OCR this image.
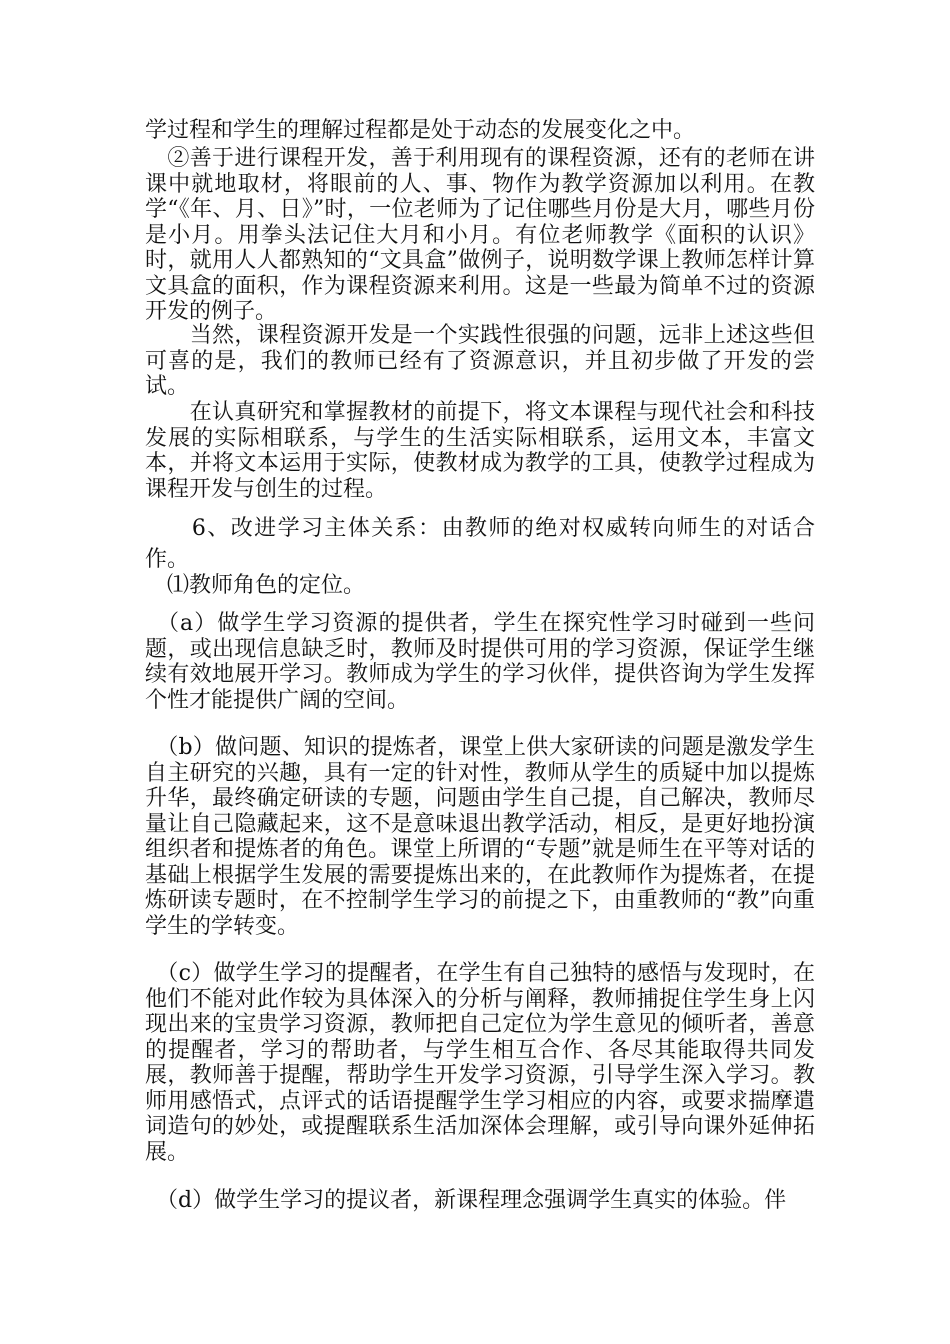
学过程和学生的理解过程都是处于动态的发展变化之中。
　②善于进行课程开发，善于利用现有的课程资源，还有的老师在讲课中就地取材，将眼前的人、事、物作为教学资源加以利用。在教学“《年、月、日》”时，一位老师为了记住哪些月份是大月，哪些月份是小月。用拳头法记住大月和小月。有位老师教学《面积的认识》时，就用人人都熟知的“文具盒”做例子，说明数学课上教师怎样计算文具盒的面积，作为课程资源来利用。这是一些最为简单不过的资源开发的例子。
　　当然，课程资源开发是一个实践性很强的问题，远非上述这些但可喜的是，我们的教师已经有了资源意识，并且初步做了开发的尝试。
　　在认真研究和掌握教材的前提下，将文本课程与现代社会和科技发展的实际相联系，与学生的生活实际相联系，运用文本，丰富文本，并将文本运用于实际，使教材成为教学的工具，使教学过程成为课程开发与创生的过程。
　　6、改进学习主体关系：由教师的绝对权威转向师生的对话合作。
　⑴教师角色的定位。
　（a）做学生学习资源的提供者，学生在探究性学习时碰到一些问题，或出现信息缺乏时，教师及时提供可用的学习资源，保证学生继续有效地展开学习。教师成为学生的学习伙伴，提供咨询为学生发挥个性才能提供广阔的空间。
　（b）做问题、知识的提炼者，课堂上供大家研读的问题是激发学生自主研究的兴趣，具有一定的针对性，教师从学生的质疑中加以提炼升华，最终确定研读的专题，问题由学生自己提，自己解决，教师尽量让自己隐藏起来，这不是意味退出教学活动，相反，是更好地扮演组织者和提炼者的角色。课堂上所谓的“专题”就是师生在平等对话的基础上根据学生发展的需要提炼出来的，在此教师作为提炼者，在提炼研读专题时，在不控制学生学习的前提之下，由重教师的“教”向重学生的学转变。
　（c）做学生学习的提醒者，在学生有自己独特的感悟与发现时，在他们不能对此作较为具体深入的分析与阐释，教师捕捉住学生身上闪现出来的宝贵学习资源，教师把自己定位为学生意见的倾听者，善意的提醒者，学习的帮助者，与学生相互合作、各尽其能取得共同发展，教师善于提醒，帮助学生开发学习资源，引导学生深入学习。教师用感悟式，点评式的话语提醒学生学习相应的内容，或要求揣摩遣词造句的妙处，或提醒联系生活加深体会理解，或引导向课外延伸拓展。
　（d）做学生学习的提议者，新课程理念强调学生真实的体验。伴
